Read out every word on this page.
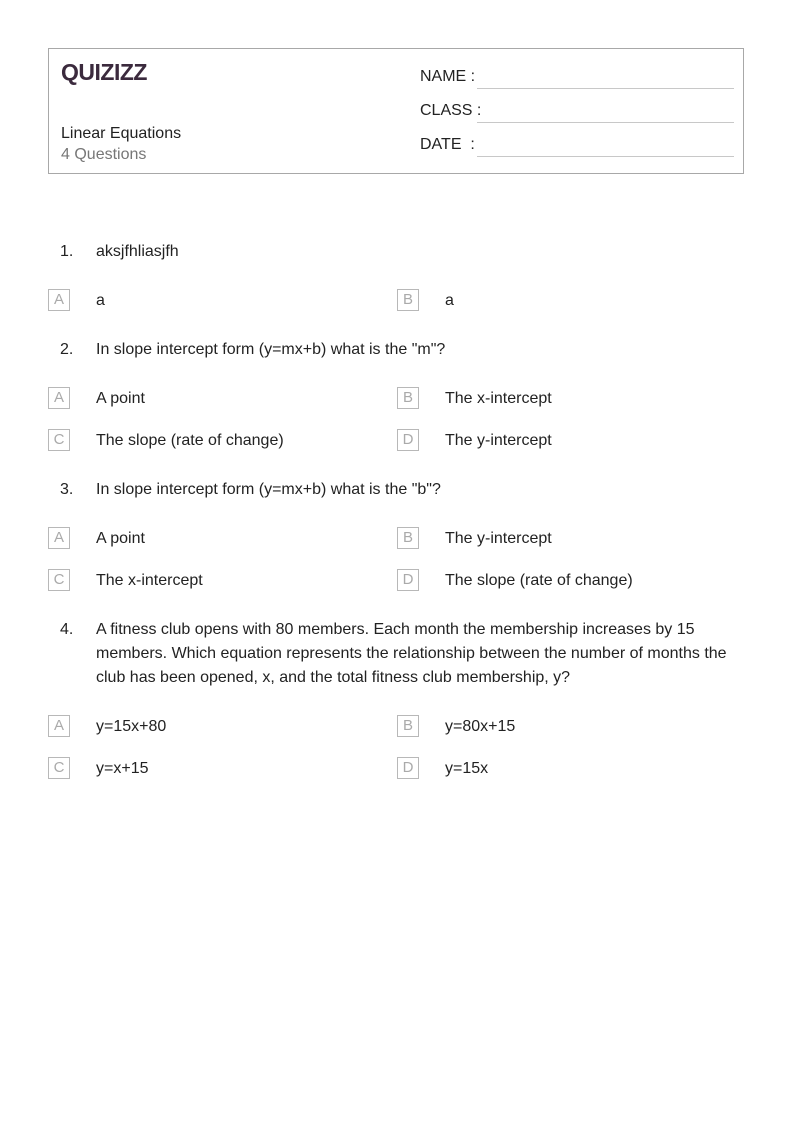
QUIZIZZ
Linear Equations
4 Questions
NAME :
CLASS :
DATE  :
1. aksjfhliasjfh
A	a	B	a
2. In slope intercept form (y=mx+b) what is the "m"?
A	A point	B	The x-intercept
C	The slope (rate of change)	D	The y-intercept
3. In slope intercept form (y=mx+b) what is the "b"?
A	A point	B	The y-intercept
C	The x-intercept	D	The slope (rate of change)
4. A fitness club opens with 80 members. Each month the membership increases by 15 members. Which equation represents the relationship between the number of months the club has been opened, x, and the total fitness club membership, y?
A	y=15x+80	B	y=80x+15
C	y=x+15	D	y=15x
